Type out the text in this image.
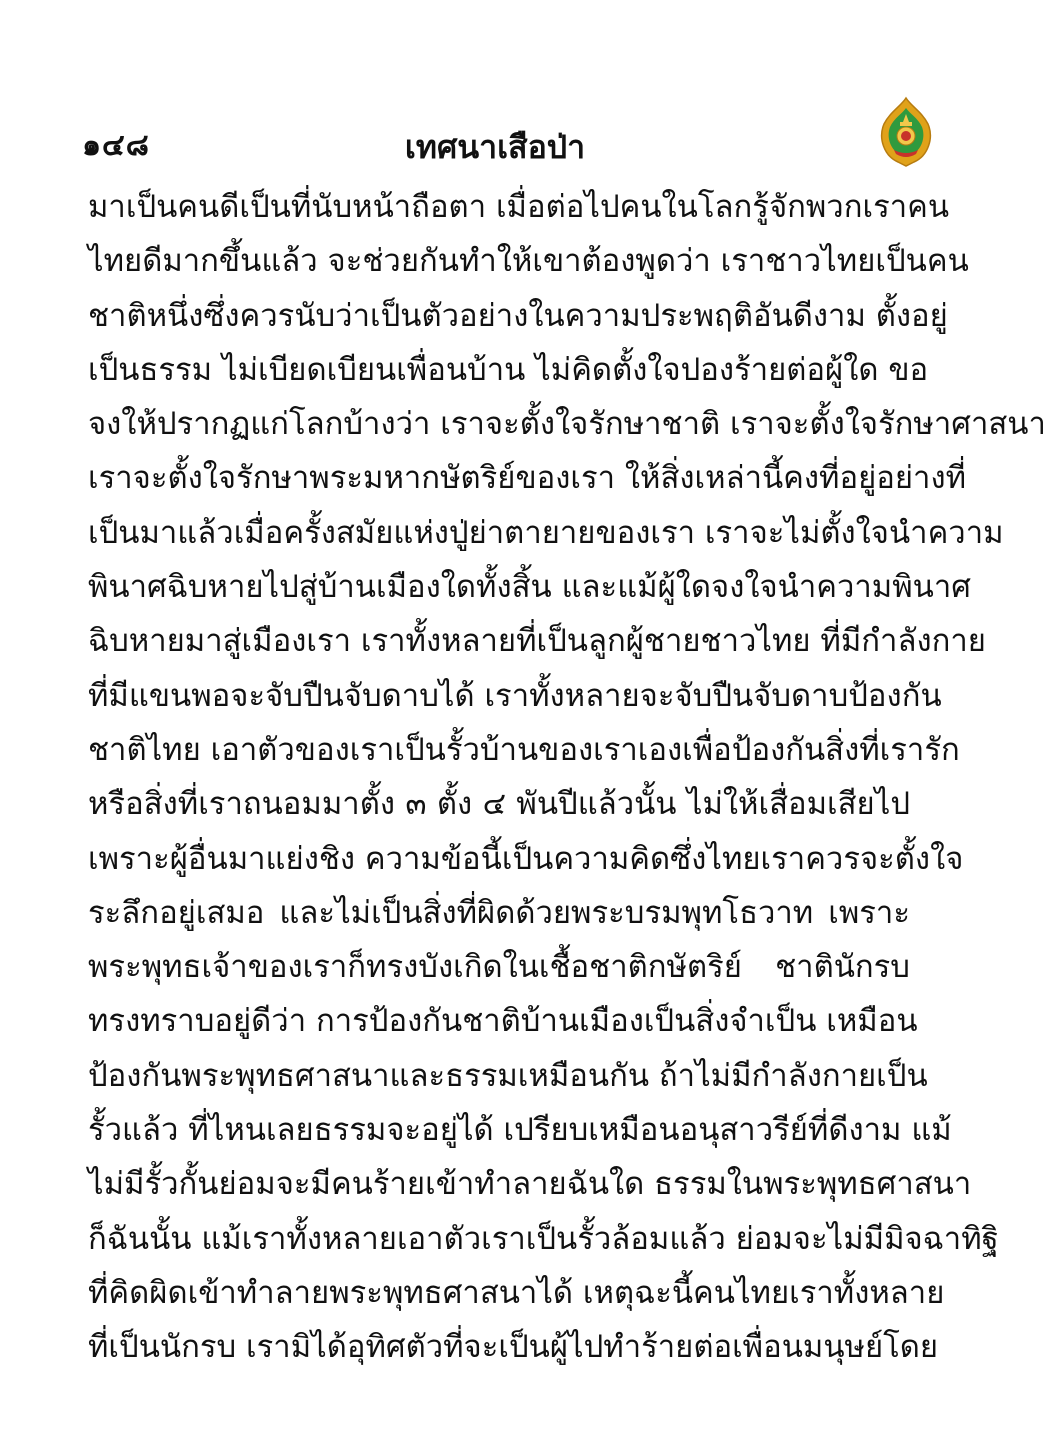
๑๔๘	เทศนาเสือป่า
มาเป็นคนดีเป็นที่นับหน้าถือตา เมื่อต่อไปคนในโลกรู้จักพวกเราคน
ไทยดีมากขึ้นแล้ว จะช่วยกันทำให้เขาต้องพูดว่า เราชาวไทยเป็นคน
ชาติหนึ่งซึ่งควรนับว่าเป็นตัวอย่างในความประพฤติอันดีงาม ตั้งอยู่
เป็นธรรม ไม่เบียดเบียนเพื่อนบ้าน ไม่คิดตั้งใจปองร้ายต่อผู้ใด ขอ
จงให้ปรากฏแก่โลกบ้างว่า เราจะตั้งใจรักษาชาติ เราจะตั้งใจรักษาศาสนา
เราจะตั้งใจรักษาพระมหากษัตริย์ของเรา ให้สิ่งเหล่านี้คงที่อยู่อย่างที่
เป็นมาแล้วเมื่อครั้งสมัยแห่งปู่ย่าตายายของเรา เราจะไม่ตั้งใจนำความ
พินาศฉิบหายไปสู่บ้านเมืองใดทั้งสิ้น และแม้ผู้ใดจงใจนำความพินาศ
ฉิบหายมาสู่เมืองเรา เราทั้งหลายที่เป็นลูกผู้ชายชาวไทย ที่มีกำลังกาย
ที่มีแขนพอจะจับปืนจับดาบได้ เราทั้งหลายจะจับปืนจับดาบป้องกัน
ชาติไทย เอาตัวของเราเป็นรั้วบ้านของเราเองเพื่อป้องกันสิ่งที่เรารัก
หรือสิ่งที่เราถนอมมาตั้ง ๓ ตั้ง ๔ พันปีแล้วนั้น ไม่ให้เสื่อมเสียไป
เพราะผู้อื่นมาแย่งชิง ความข้อนี้เป็นความคิดซึ่งไทยเราควรจะตั้งใจ
ระลึกอยู่เสมอ และไม่เป็นสิ่งที่ผิดด้วยพระบรมพุทโธวาท เพราะ
พระพุทธเจ้าของเราก็ทรงบังเกิดในเชื้อชาติกษัตริย์ ชาตินักรบ
ทรงทราบอยู่ดีว่า การป้องกันชาติบ้านเมืองเป็นสิ่งจำเป็น เหมือน
ป้องกันพระพุทธศาสนาและธรรมเหมือนกัน ถ้าไม่มีกำลังกายเป็น
รั้วแล้ว ที่ไหนเลยธรรมจะอยู่ได้ เปรียบเหมือนอนุสาวรีย์ที่ดีงาม แม้
ไม่มีรั้วกั้นย่อมจะมีคนร้ายเข้าทำลายฉันใด ธรรมในพระพุทธศาสนา
ก็ฉันนั้น แม้เราทั้งหลายเอาตัวเราเป็นรั้วล้อมแล้ว ย่อมจะไม่มีมิจฉาทิฐิ
ที่คิดผิดเข้าทำลายพระพุทธศาสนาได้ เหตุฉะนี้คนไทยเราทั้งหลาย
ที่เป็นนักรบ เรามิได้อุทิศตัวที่จะเป็นผู้ไปทำร้ายต่อเพื่อนมนุษย์โดย
